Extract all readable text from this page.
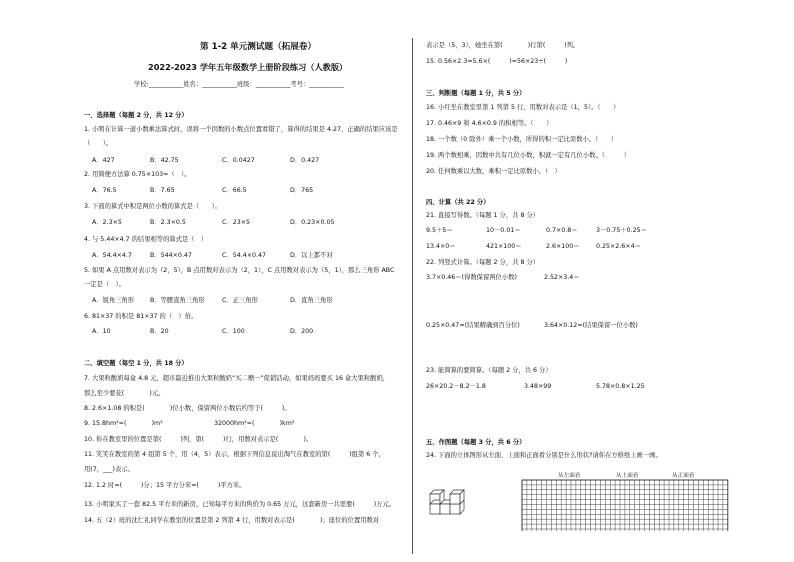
第 1-2 单元测试题（拓展卷）
2022-2023 学年五年级数学上册阶段练习（人教版）
学校:___________姓名：___________班级：___________考号：___________
一、选择题（每题 2 分，共 12 分）
1. 小明在计算一道小数乘法算式时，误将一个因数的小数点位置看错了，算得的结果是 4.27，正确的结果应该是
（　　）。
A．427	B．42.75	C．0.0427	D．0.427
2. 用简便方法算 0.75×103=（　）。
A．76.5	B．7.65	C．66.5	D．765
3. 下面的算式中积是两位小数的算式是（　　）。
A．2.3×5	B．2.3×0.5	C．23×5	D．0.23×0.05
4. 与 5.44×4.7 的结果相等的算式是（　）
A．54.4×4.7	B．544×0.47	C．54.4×0.47	D．以上都不对
5. 如果 A 点用数对表示为（2，5），B 点用数对表示为（2，1），C 点用数对表示为（5，1），那么三角形 ABC
一定是（　）。
A．锐角三角形	B．等腰直角三角形	C．正三角形	D．直角三角形
6. 81×37 的积是 81×37 的（　）倍。
A．10	B．20	C．100	D．200
二、填空题（每空 1 分，共 18 分）
7. 大果粒酸奶每盒 4.8 元，超市最近推出大果粒酸奶“买二赠一”促销活动，如果妈妈要买 16 盒大果粒酸奶，
那么至少要花(　　　　)元。
8. 2.6×1.08 的积是(　　　　)位小数，保留两位小数后约等于(　　　)。
9. 15.8hm²=(　　　　)m²	32000hm²=(　　　　)km²
10. 你在教室里的位置是第(　　　)列，第(　　　)行，用数对表示是(　　　　)。
11. 笑笑在教室的第 4 组第 5 个，用（4，5）表示，根据下列信息说出淘气在教室的第(　　　)组第 6 个，
用(7，___)表示。
12. 1.2 时=(　　　)分；15 平方分米=(　　　)平方米。
13. 小明家买了一套 82.5 平方米的新房，已知每平方米的售价为 0.65 万元，这套新房一共需要(　　　)万元。
14. 五（2）班的沈仁礼同学在教室的位置是第 2 列第 4 行，用数对表示是(　　　　)；座位的位置用数对
表示是（5，3），她坐在第(　　　　)行第(　　　)列。
15. 0.56×2.3=5.6×(　　　)=56×23÷(　　　)
三、判断题（每题 1 分，共 5 分）
16. 小红坐在教室里第 1 列第 5 行，用数对表示是（1，5）。（　　）
17. 0.46×9 和 4.6×0.9 的积相等。（　　）
18. 一个数（0 除外）乘一个小数，所得的积一定比原数小。（　　）
19. 两个数相乘，因数中共有几位小数，积就一定有几位小数。（　　　）
20. 任何数乘以大数，乘积一定比原数小。（　）
四、计算（共 22 分）
21. 直接写得数。（每题 1 分，共 8 分）
9.5＋5＝	10－0.01＝	0.7×0.8＝	3－0.75＋0.25＝
13.4×0＝	421×100＝	2.6×100＝	0.25×2.6×4＝
22. 列竖式计算。（每题 2 分，共 8 分）
3.7×0.46＝(得数保留两位小数)	2.52×3.4＝
0.25×0.47≈(结果精确到百分位)	3.64×0.12≈(结果保留一位小数)
23. 能简算的要简算。（每题 2 分，共 6 分）
26×20.2－8.2－1.8	3.48×99	5.78×0.8×1.25
五、作图题（每题 3 分，共 6 分）
24. 下面的立体图形从左面、上面和正面看分别是什么形状?请你在方格纸上画一画。
从左面看	从上面看	从正面看
